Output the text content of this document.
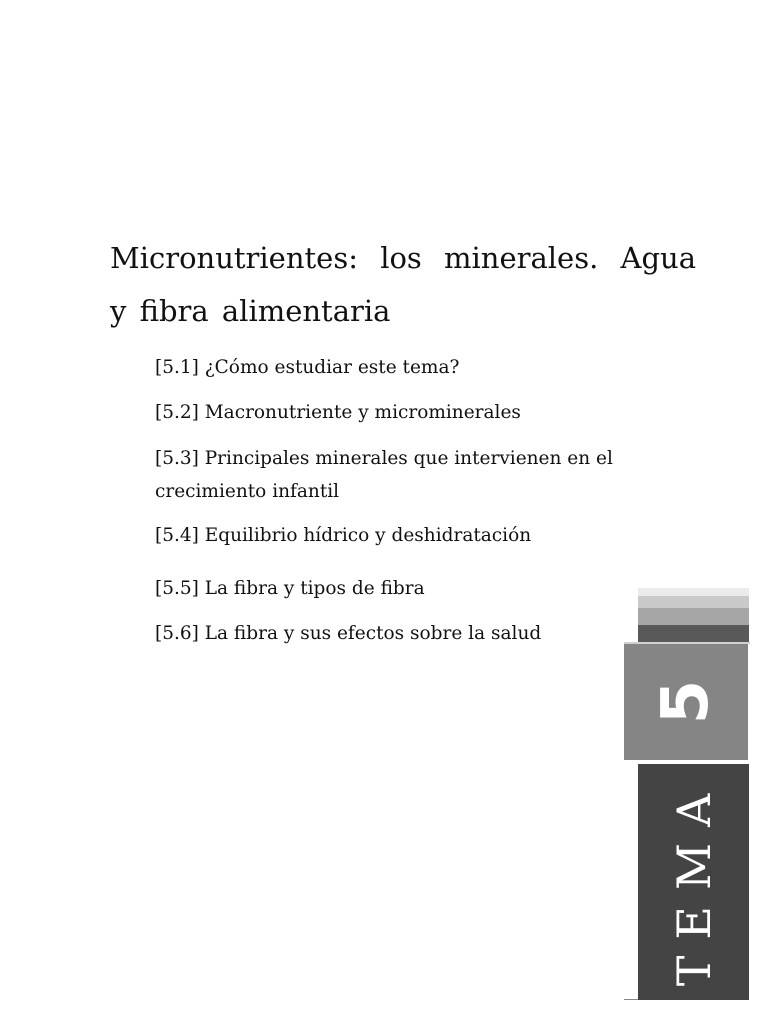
Micronutrientes: los minerales. Agua y fibra alimentaria
[5.1] ¿Cómo estudiar este tema?
[5.2] Macronutriente y microminerales
[5.3] Principales minerales que intervienen en el crecimiento infantil
[5.4] Equilibrio hídrico y deshidratación
[5.5] La fibra y tipos de fibra
[5.6] La fibra y sus efectos sobre la salud
5
TEMA
